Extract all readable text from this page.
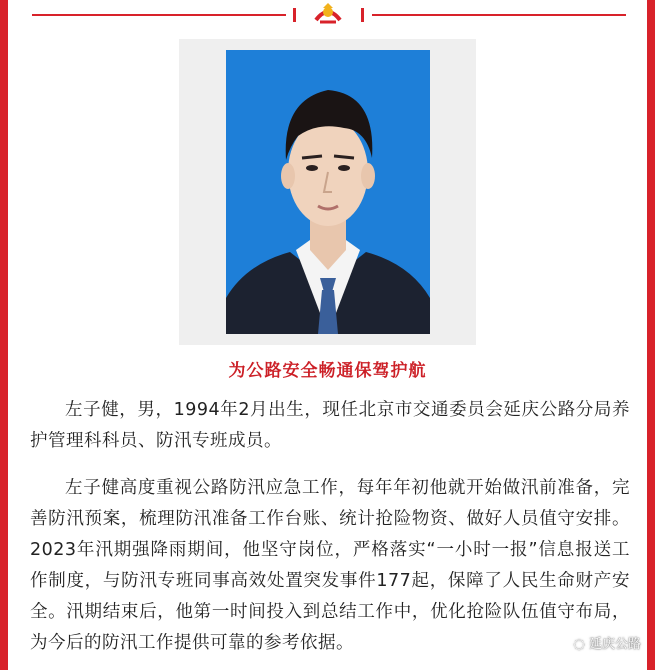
为公路安全畅通保驾护航

左子健，男，1994年2月出生，现任北京市交通委员会延庆公路分局养护管理科科员、防汛专班成员。

左子健高度重视公路防汛应急工作，每年年初他就开始做汛前准备，完善防汛预案，梳理防汛准备工作台账、统计抢险物资、做好人员值守安排。2023年汛期强降雨期间，他坚守岗位，严格落实“一小时一报”信息报送工作制度，与防汛专班同事高效处置突发事件177起，保障了人民生命财产安全。汛期结束后，他第一时间投入到总结工作中，优化抢险队伍值守布局，为今后的防汛工作提供可靠的参考依据。	◌ 延庆公路
